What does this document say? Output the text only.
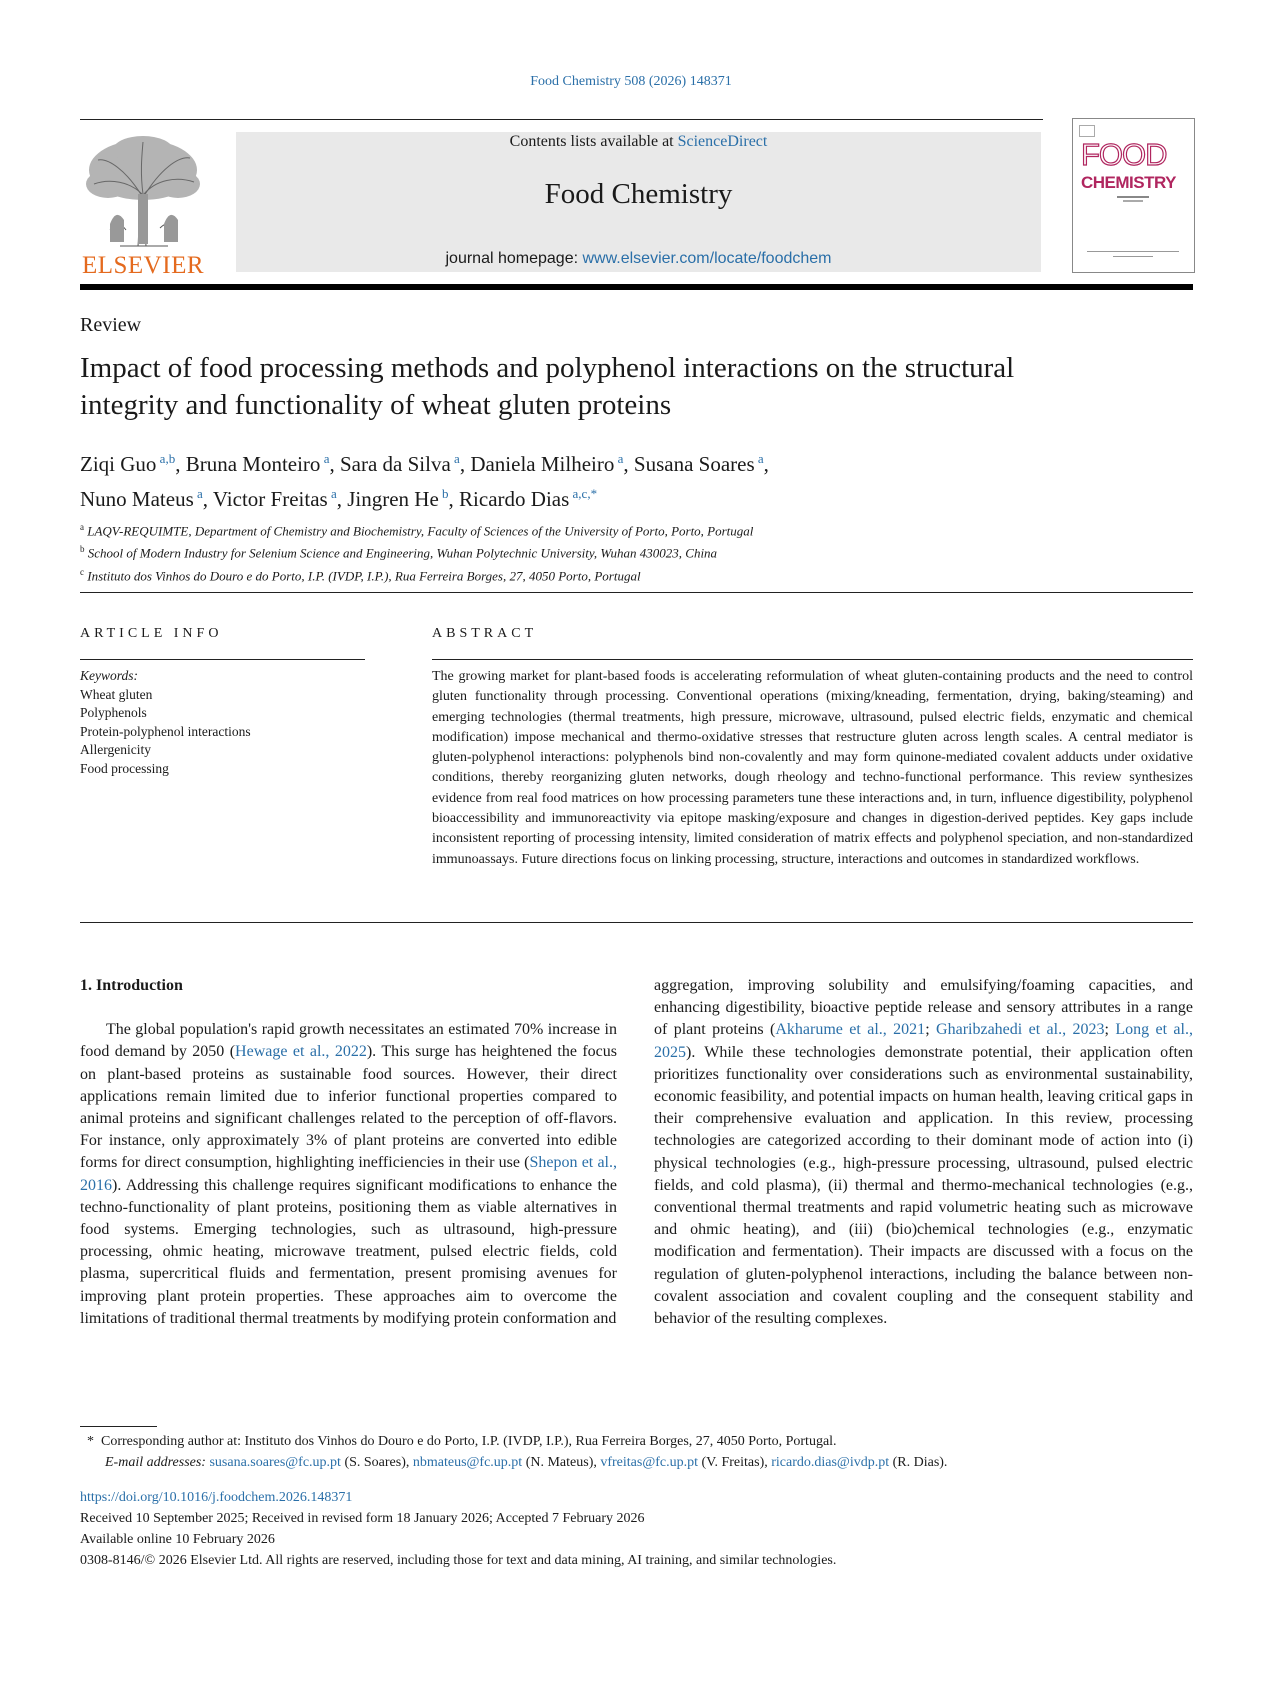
Food Chemistry 508 (2026) 148371
ELSEVIER
Contents lists available at ScienceDirect
Food Chemistry
journal homepage: www.elsevier.com/locate/foodchem
FOOD
CHEMISTRY
Review
Impact of food processing methods and polyphenol interactions on the structural integrity and functionality of wheat gluten proteins
Ziqi Guo $^{a,b}$, Bruna Monteiro $^a$, Sara da Silva $^a$, Daniela Milheiro $^a$, Susana Soares $^a$,
Nuno Mateus $^a$, Victor Freitas $^a$, Jingren He $^b$, Ricardo Dias $^{a,c,*}$
$^a$ LAQV-REQUIMTE, Department of Chemistry and Biochemistry, Faculty of Sciences of the University of Porto, Porto, Portugal
$^b$ School of Modern Industry for Selenium Science and Engineering, Wuhan Polytechnic University, Wuhan 430023, China
$^c$ Instituto dos Vinhos do Douro e do Porto, I.P. (IVDP, I.P.), Rua Ferreira Borges, 27, 4050 Porto, Portugal
ARTICLE INFO	ABSTRACT
Keywords:
Wheat gluten
Polyphenols
Protein-polyphenol interactions
Allergenicity
Food processing

The growing market for plant-based foods is accelerating reformulation of wheat gluten-containing products and the need to control gluten functionality through processing. Conventional operations (mixing/kneading, fermentation, drying, baking/steaming) and emerging technologies (thermal treatments, high pressure, microwave, ultrasound, pulsed electric fields, enzymatic and chemical modification) impose mechanical and thermo-oxidative stresses that restructure gluten across length scales. A central mediator is gluten-polyphenol interactions: polyphenols bind non-covalently and may form quinone-mediated covalent adducts under oxidative conditions, thereby reorganizing gluten networks, dough rheology and techno-functional performance. This review synthesizes evidence from real food matrices on how processing parameters tune these interactions and, in turn, influence digestibility, polyphenol bioaccessibility and immunoreactivity via epitope masking/exposure and changes in digestion-derived peptides. Key gaps include inconsistent reporting of processing intensity, limited consideration of matrix effects and polyphenol speciation, and non-standardized immunoassays. Future directions focus on linking processing, structure, interactions and outcomes in standardized workflows.

1. Introduction

The global population's rapid growth necessitates an estimated 70% increase in food demand by 2050 (Hewage et al., 2022). This surge has heightened the focus on plant-based proteins as sustainable food sources. However, their direct applications remain limited due to inferior functional properties compared to animal proteins and significant challenges related to the perception of off-flavors. For instance, only approximately 3% of plant proteins are converted into edible forms for direct consumption, highlighting inefficiencies in their use (Shepon et al., 2016). Addressing this challenge requires significant modifications to enhance the techno-functionality of plant proteins, positioning them as viable alternatives in food systems. Emerging technologies, such as ultrasound, high-pressure processing, ohmic heating, microwave treatment, pulsed electric fields, cold plasma, supercritical fluids and fermentation, present promising avenues for improving plant protein properties. These approaches aim to overcome the limitations of traditional thermal treatments by modifying protein conformation and

aggregation, improving solubility and emulsifying/foaming capacities, and enhancing digestibility, bioactive peptide release and sensory attributes in a range of plant proteins (Akharume et al., 2021; Gharibzahedi et al., 2023; Long et al., 2025). While these technologies demonstrate potential, their application often prioritizes functionality over considerations such as environmental sustainability, economic feasibility, and potential impacts on human health, leaving critical gaps in their comprehensive evaluation and application. In this review, processing technologies are categorized according to their dominant mode of action into (i) physical technologies (e.g., high-pressure processing, ultrasound, pulsed electric fields, and cold plasma), (ii) thermal and thermo-mechanical technologies (e.g., conventional thermal treatments and rapid volumetric heating such as microwave and ohmic heating), and (iii) (bio)chemical technologies (e.g., enzymatic modification and fermentation). Their impacts are discussed with a focus on the regulation of gluten-polyphenol interactions, including the balance between non-covalent association and covalent coupling and the consequent stability and behavior of the resulting complexes.

* Corresponding author at: Instituto dos Vinhos do Douro e do Porto, I.P. (IVDP, I.P.), Rua Ferreira Borges, 27, 4050 Porto, Portugal.
E-mail addresses: susana.soares@fc.up.pt (S. Soares), nbmateus@fc.up.pt (N. Mateus), vfreitas@fc.up.pt (V. Freitas), ricardo.dias@ivdp.pt (R. Dias).
https://doi.org/10.1016/j.foodchem.2026.148371
Received 10 September 2025; Received in revised form 18 January 2026; Accepted 7 February 2026
Available online 10 February 2026
0308-8146/© 2026 Elsevier Ltd. All rights are reserved, including those for text and data mining, AI training, and similar technologies.
